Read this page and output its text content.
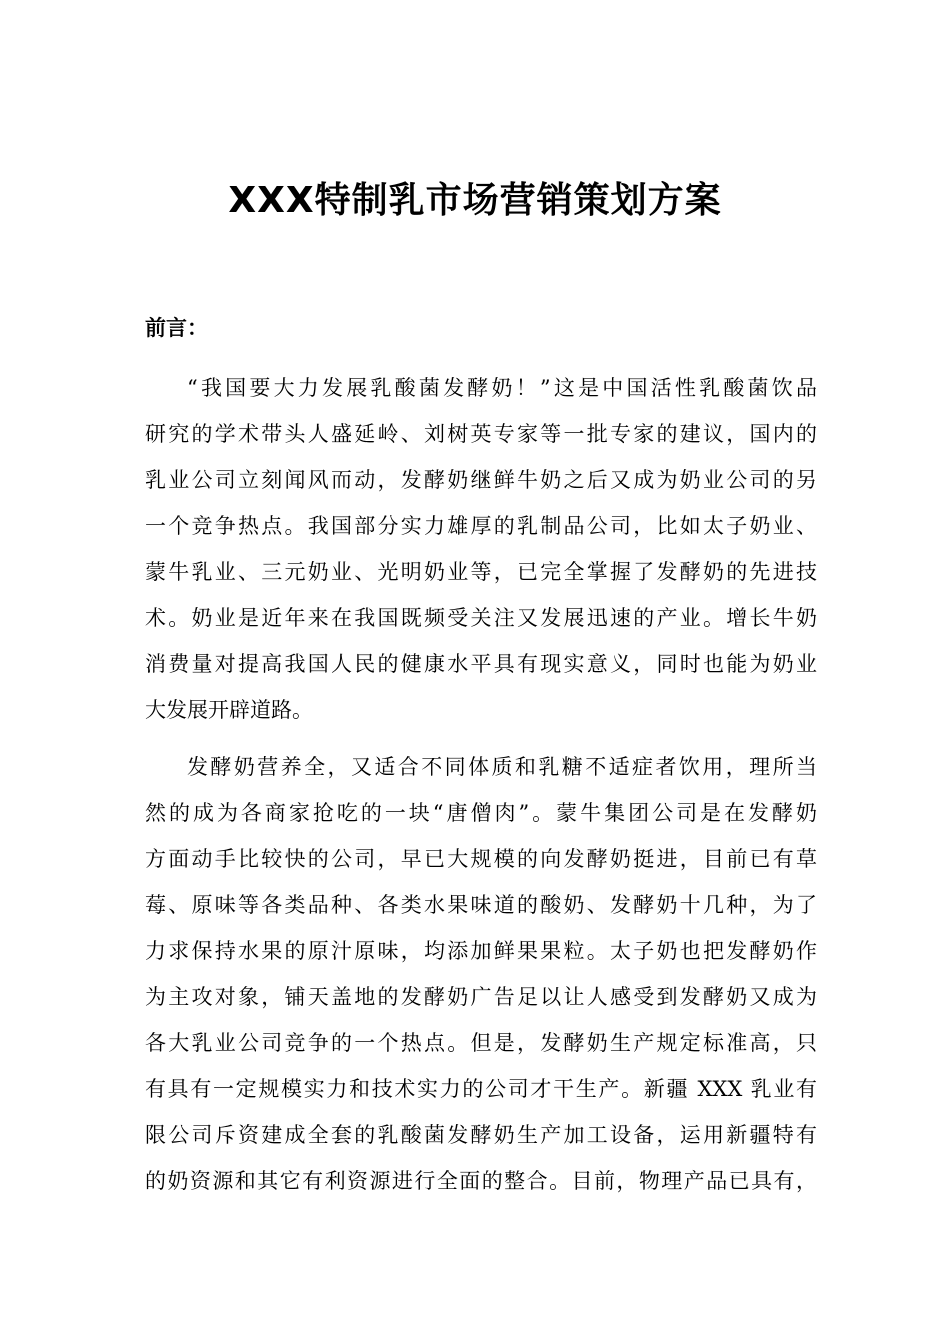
XXX特制乳市场营销策划方案
前言：
“我国要大力发展乳酸菌发酵奶！”这是中国活性乳酸菌饮品
研究的学术带头人盛延岭、刘树英专家等一批专家的建议，国内的
乳业公司立刻闻风而动，发酵奶继鲜牛奶之后又成为奶业公司的另
一个竞争热点。我国部分实力雄厚的乳制品公司，比如太子奶业、
蒙牛乳业、三元奶业、光明奶业等，已完全掌握了发酵奶的先进技
术。奶业是近年来在我国既频受关注又发展迅速的产业。增长牛奶
消费量对提高我国人民的健康水平具有现实意义，同时也能为奶业
大发展开辟道路。
发酵奶营养全，又适合不同体质和乳糖不适症者饮用，理所当
然的成为各商家抢吃的一块“唐僧肉”。蒙牛集团公司是在发酵奶
方面动手比较快的公司，早已大规模的向发酵奶挺进，目前已有草
莓、原味等各类品种、各类水果味道的酸奶、发酵奶十几种，为了
力求保持水果的原汁原味，均添加鲜果果粒。太子奶也把发酵奶作
为主攻对象，铺天盖地的发酵奶广告足以让人感受到发酵奶又成为
各大乳业公司竞争的一个热点。但是，发酵奶生产规定标准高，只
有具有一定规模实力和技术实力的公司才干生产。新疆 XXX 乳业有
限公司斥资建成全套的乳酸菌发酵奶生产加工设备，运用新疆特有
的奶资源和其它有利资源进行全面的整合。目前，物理产品已具有，
